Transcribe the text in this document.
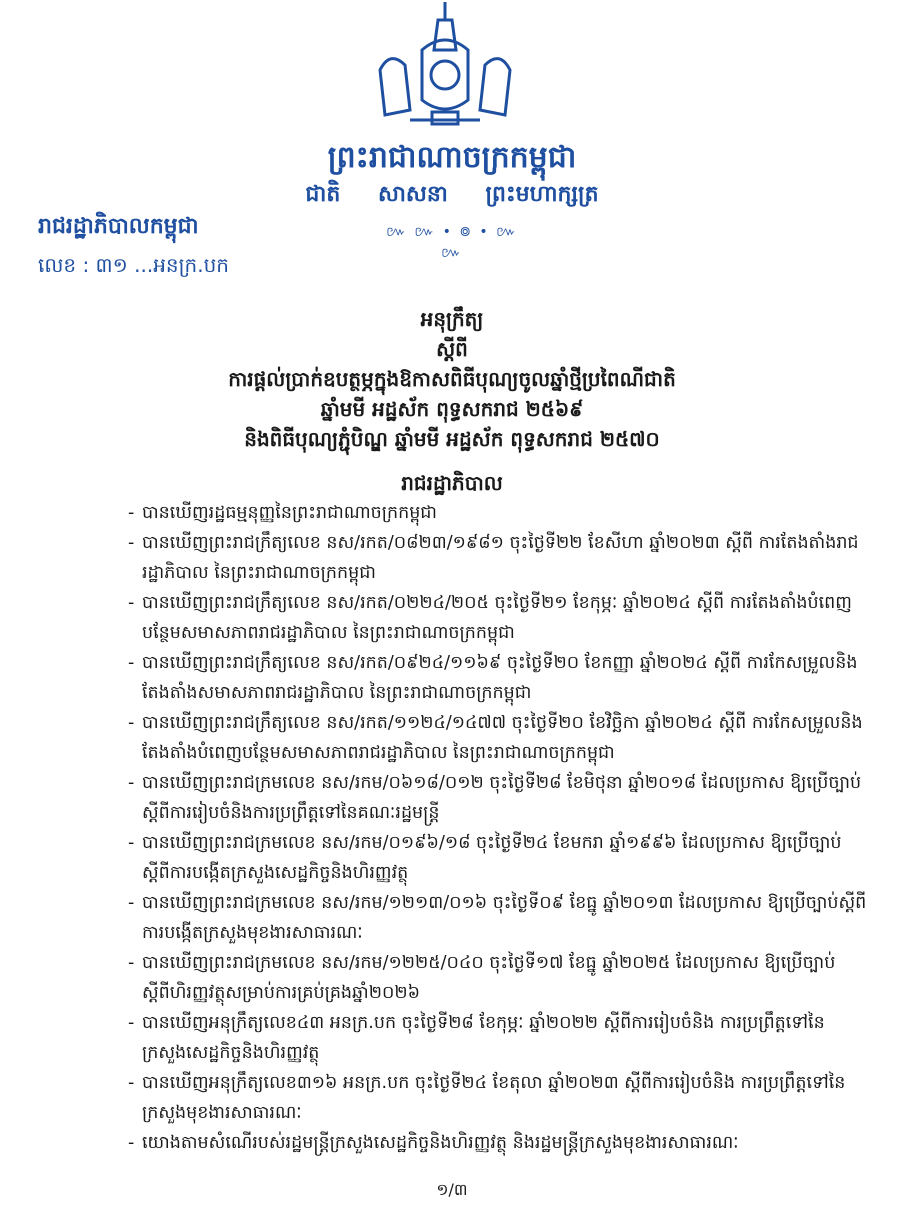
ព្រះរាជាណាចក្រកម្ពុជា
ជាតិ សាសនា ព្រះមហាក្សត្រ
៚ ៚ • ៙ • ៚ ៚
រាជរដ្ឋាភិបាលកម្ពុជា
លេខ : ៣១ ...អនក្រ.បក
អនុក្រឹត្យ
ស្តីពី
ការផ្តល់ប្រាក់ឧបត្ថម្ភក្នុងឱកាសពិធីបុណ្យចូលឆ្នាំថ្មីប្រពៃណីជាតិ
ឆ្នាំមមី អដ្ឋស័ក ពុទ្ធសករាជ ២៥៦៩
និងពិធីបុណ្យភ្ជុំបិណ្ឌ ឆ្នាំមមី អដ្ឋស័ក ពុទ្ធសករាជ ២៥៧០
រាជរដ្ឋាភិបាល
- បានឃើញរដ្ឋធម្មនុញ្ញនៃព្រះរាជាណាចក្រកម្ពុជា
- បានឃើញព្រះរាជក្រឹត្យលេខ នស/រកត/០៨២៣/១៩៨១ ចុះថ្ងៃទី២២ ខែសីហា ឆ្នាំ២០២៣ ស្តីពី ការតែងតាំងរាជរដ្ឋាភិបាល នៃព្រះរាជាណាចក្រកម្ពុជា
- បានឃើញព្រះរាជក្រឹត្យលេខ នស/រកត/០២២៤/២០៥ ចុះថ្ងៃទី២១ ខែកុម្ភៈ ឆ្នាំ២០២៤ ស្តីពី ការតែងតាំងបំពេញបន្ថែមសមាសភាពរាជរដ្ឋាភិបាល នៃព្រះរាជាណាចក្រកម្ពុជា
- បានឃើញព្រះរាជក្រឹត្យលេខ នស/រកត/០៩២៤/១១៦៩ ចុះថ្ងៃទី២០ ខែកញ្ញា ឆ្នាំ២០២៤ ស្តីពី ការកែសម្រួលនិងតែងតាំងសមាសភាពរាជរដ្ឋាភិបាល នៃព្រះរាជាណាចក្រកម្ពុជា
- បានឃើញព្រះរាជក្រឹត្យលេខ នស/រកត/១១២៤/១៤៧៧ ចុះថ្ងៃទី២០ ខែវិច្ឆិកា ឆ្នាំ២០២៤ ស្តីពី ការកែសម្រួលនិងតែងតាំងបំពេញបន្ថែមសមាសភាពរាជរដ្ឋាភិបាល នៃព្រះរាជាណាចក្រកម្ពុជា
- បានឃើញព្រះរាជក្រមលេខ នស/រកម/០៦១៨/០១២ ចុះថ្ងៃទី២៨ ខែមិថុនា ឆ្នាំ២០១៨ ដែលប្រកាស ឱ្យប្រើច្បាប់ស្តីពីការរៀបចំនិងការប្រព្រឹត្តទៅនៃគណៈរដ្ឋមន្ត្រី
- បានឃើញព្រះរាជក្រមលេខ នស/រកម/០១៩៦/១៨ ចុះថ្ងៃទី២៤ ខែមករា ឆ្នាំ១៩៩៦ ដែលប្រកាស ឱ្យប្រើច្បាប់ស្តីពីការបង្កើតក្រសួងសេដ្ឋកិច្ចនិងហិរញ្ញវត្ថុ
- បានឃើញព្រះរាជក្រមលេខ នស/រកម/១២១៣/០១៦ ចុះថ្ងៃទី០៩ ខែធ្នូ ឆ្នាំ២០១៣ ដែលប្រកាស ឱ្យប្រើច្បាប់ស្តីពីការបង្កើតក្រសួងមុខងារសាធារណៈ
- បានឃើញព្រះរាជក្រមលេខ នស/រកម/១២២៥/០៤០ ចុះថ្ងៃទី១៧ ខែធ្នូ ឆ្នាំ២០២៥ ដែលប្រកាស ឱ្យប្រើច្បាប់ស្តីពីហិរញ្ញវត្ថុសម្រាប់ការគ្រប់គ្រងឆ្នាំ២០២៦
- បានឃើញអនុក្រឹត្យលេខ៤៣ អនក្រ.បក ចុះថ្ងៃទី២៨ ខែកុម្ភៈ ឆ្នាំ២០២២ ស្តីពីការរៀបចំនិង ការប្រព្រឹត្តទៅនៃក្រសួងសេដ្ឋកិច្ចនិងហិរញ្ញវត្ថុ
- បានឃើញអនុក្រឹត្យលេខ៣១៦ អនក្រ.បក ចុះថ្ងៃទី២៤ ខែតុលា ឆ្នាំ២០២៣ ស្តីពីការរៀបចំនិង ការប្រព្រឹត្តទៅនៃក្រសួងមុខងារសាធារណៈ
- យោងតាមសំណើរបស់រដ្ឋមន្ត្រីក្រសួងសេដ្ឋកិច្ចនិងហិរញ្ញវត្ថុ និងរដ្ឋមន្ត្រីក្រសួងមុខងារសាធារណៈ
១/៣
